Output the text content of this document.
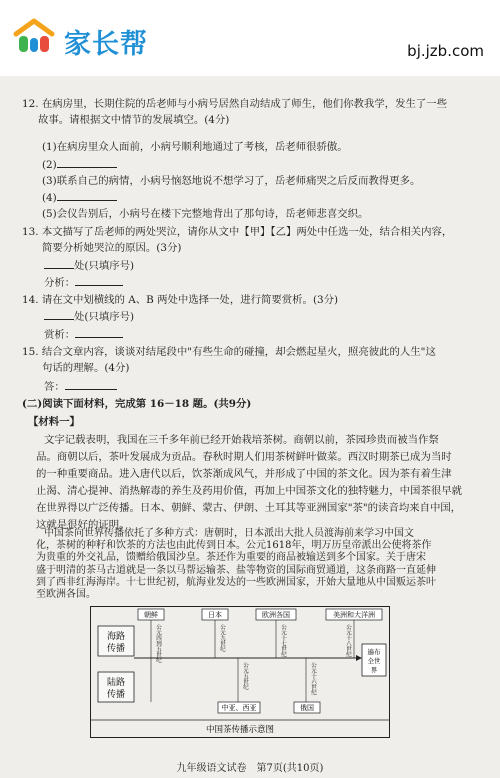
家长帮	bj.jzb.com
12. 在病房里，长期住院的岳老师与小病号居然自动结成了师生，他们你教我学，发生了一些
故事。请根据文中情节的发展填空。(4分)
(1)在病房里众人面前，小病号顺利地通过了考核，岳老师很骄傲。
(2)
(3)联系自己的病情，小病号恼怒地说不想学习了，岳老师痛哭之后反而教得更多。
(4)
(5)会仪告别后，小病号在楼下完整地背出了那句诗，岳老师悲喜交织。
13. 本文描写了岳老师的两处哭泣，请你从文中【甲】【乙】两处中任选一处，结合相关内容，
简要分析她哭泣的原因。(3分)
处(只填序号)
分析：
14. 请在文中划横线的 A、B 两处中选择一处，进行简要赏析。(3分)
处(只填序号)
赏析：
15. 结合文章内容，谈谈对结尾段中"有些生命的碰撞，却会燃起星火，照亮彼此的人生"这
句话的理解。(4分)
答：
(二)阅读下面材料，完成第 16－18 题。(共9分)
【材料一】
文字记载表明，我国在三千多年前已经开始栽培茶树。商朝以前，茶园珍贵而被当作祭
品。商朝以后，茶叶发展成为贡品。春秋时期人们用茶树鲜叶做菜。西汉时期茶已成为当时
的一种重要商品。进入唐代以后，饮茶渐成风气，并形成了中国的茶文化。因为茶有着生津
止渴、清心提神、消热解毒的养生及药用价值，再加上中国茶文化的独特魅力，中国茶很早就
在世界得以广泛传播。日本、朝鲜、蒙古、伊朗、土耳其等亚洲国家"茶"的读音均来自中国，
这就是很好的证明。
海路
传播
陆路
传播
朝鲜	日本	欧洲各国	美洲和大洋洲
公元四到五世纪	公元九世纪	公元十七世纪	公元十八世纪
公元五世纪	公元十六世纪
中亚、西亚	俄国
遍布
全世
界
中国茶传播示意图
九年级语文试卷　第7页(共10页)
中国茶向世界传播依托了多种方式：唐朝时，日本派出大批人员渡海前来学习中国文
化，茶树的种籽和饮茶的方法也由此传到日本。公元1618年，明万历皇帝派出公使将茶作
为贵重的外交礼品，馈赠给俄国沙皇。茶还作为重要的商品被输送到多个国家。关于唐宋
盛于明清的茶马古道就是一条以马帮运输茶、盐等物资的国际商贸通道，这条商路一直延伸
到了西非红海海岸。十七世纪初，航海业发达的一些欧洲国家，开始大量地从中国贩运茶叶
至欧洲各国。
